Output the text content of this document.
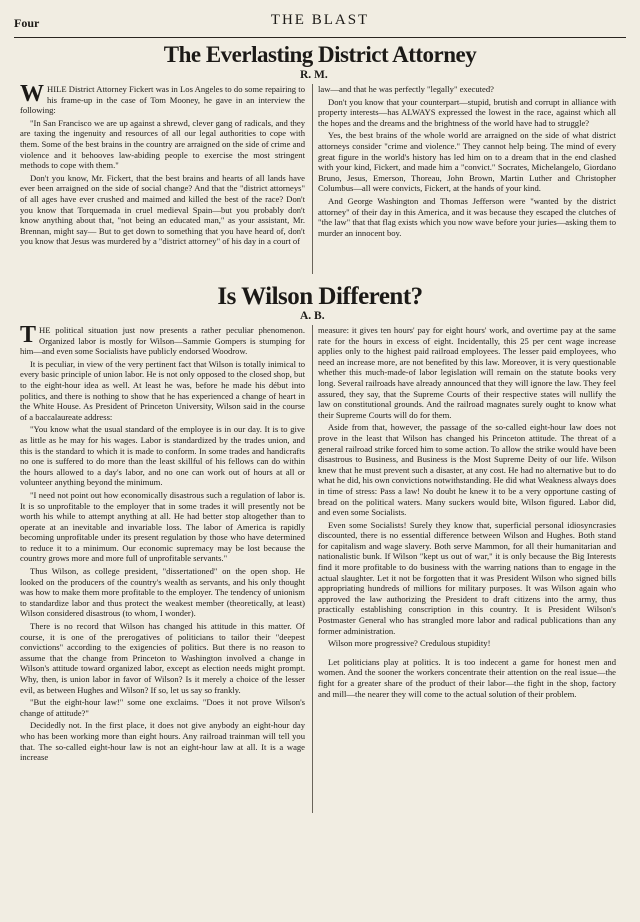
Four	THE BLAST
The Everlasting District Attorney
R. M.

WHILE District Attorney Fickert was in Los Angeles to do some repairing to his frame-up in the case of Tom Mooney, he gave in an interview the following:

"In San Francisco we are up against a shrewd, clever gang of radicals, and they are taxing the ingenuity and resources of all our legal authorities to cope with them. Some of the best brains in the country are arraigned on the side of crime and violence and it behooves law-abiding people to exercise the most stringent methods to cope with them."

Don't you know, Mr. Fickert, that the best brains and hearts of all lands have ever been arraigned on the side of social change? And that the "district attorneys" of all ages have ever crushed and maimed and killed the best of the race? Don't you know that Torquemada in cruel medieval Spain—but you probably don't know anything about that, "not being an educated man," as your assistant, Mr. Brennan, might say— But to get down to something that you have heard of, don't you know that Jesus was murdered by a "district attorney" of his day in a court of

law—and that he was perfectly "legally" executed?

Don't you know that your counterpart—stupid, brutish and corrupt in alliance with property interests—has ALWAYS expressed the lowest in the race, against which all the hopes and the dreams and the brightness of the world have had to struggle?

Yes, the best brains of the whole world are arraigned on the side of what district attorneys consider "crime and violence." They cannot help being. The mind of every great figure in the world's history has led him on to a dream that in the end clashed with your kind, Fickert, and made him a "convict." Socrates, Michelangelo, Giordano Bruno, Jesus, Emerson, Thoreau, John Brown, Martin Luther and Christopher Columbus—all were convicts, Fickert, at the hands of your kind.

And George Washington and Thomas Jefferson were "wanted by the district attorney" of their day in this America, and it was because they escaped the clutches of "the law" that that flag exists which you now wave before your juries—asking them to murder an innocent boy.

Is Wilson Different?
A. B.

THE political situation just now presents a rather peculiar phenomenon. Organized labor is mostly for Wilson—Sammie Gompers is stumping for him—and even some Socialists have publicly endorsed Woodrow.

It is peculiar, in view of the very pertinent fact that Wilson is totally inimical to every basic principle of union labor. He is not only opposed to the closed shop, but to the eight-hour idea as well. At least he was, before he made his début into politics, and there is nothing to show that he has experienced a change of heart in the White House. As President of Princeton University, Wilson said in the course of a baccalaureate address:

"You know what the usual standard of the employee is in our day. It is to give as little as he may for his wages. Labor is standardized by the trades union, and this is the standard to which it is made to conform. In some trades and handicrafts no one is suffered to do more than the least skillful of his fellows can do within the hours allowed to a day's labor, and no one can work out of hours at all or volunteer anything beyond the minimum.

"I need not point out how economically disastrous such a regulation of labor is. It is so unprofitable to the employer that in some trades it will presently not be worth his while to attempt anything at all. He had better stop altogether than to operate at an inevitable and invariable loss. The labor of America is rapidly becoming unprofitable under its present regulation by those who have determined to reduce it to a minimum. Our economic supremacy may be lost because the country grows more and more full of unprofitable servants."

Thus Wilson, as college president, "dissertationed" on the open shop. He looked on the producers of the country's wealth as servants, and his only thought was how to make them more profitable to the employer. The tendency of unionism to standardize labor and thus protect the weakest member (theoretically, at least) Wilson considered disastrous (to whom, I wonder).

There is no record that Wilson has changed his attitude in this matter. Of course, it is one of the prerogatives of politicians to tailor their "deepest convictions" according to the exigencies of politics. But there is no reason to assume that the change from Princeton to Washington involved a change in Wilson's attitude toward organized labor, except as election needs might prompt. Why, then, is union labor in favor of Wilson? Is it merely a choice of the lesser evil, as between Hughes and Wilson? If so, let us say so frankly.

"But the eight-hour law!" some one exclaims. "Does it not prove Wilson's change of attitude?"

Decidedly not. In the first place, it does not give anybody an eight-hour day who has been working more than eight hours. Any railroad trainman will tell you that. The so-called eight-hour law is not an eight-hour law at all. It is a wage increase

measure: it gives ten hours' pay for eight hours' work, and overtime pay at the same rate for the hours in excess of eight. Incidentally, this 25 per cent wage increase applies only to the highest paid railroad employees. The lesser paid employees, who need an increase more, are not benefited by this law. Moreover, it is very questionable whether this much-made-of labor legislation will remain on the statute books very long. Several railroads have already announced that they will ignore the law. They feel assured, they say, that the Supreme Courts of their respective states will nullify the law on constitutional grounds. And the railroad magnates surely ought to know what their Supreme Courts will do for them.

Aside from that, however, the passage of the so-called eight-hour law does not prove in the least that Wilson has changed his Princeton attitude. The threat of a general railroad strike forced him to some action. To allow the strike would have been disastrous to Business, and Business is the Most Supreme Deity of our life. Wilson knew that he must prevent such a disaster, at any cost. He had no alternative but to do what he did, his own convictions notwithstanding. He did what Weakness always does in time of stress: Pass a law! No doubt he knew it to be a very opportune casting of bread on the political waters. Many suckers would bite, Wilson figured. Labor did, and even some Socialists.

Even some Socialists! Surely they know that, superficial personal idiosyncrasies discounted, there is no essential difference between Wilson and Hughes. Both stand for capitalism and wage slavery. Both serve Mammon, for all their humanitarian and nationalistic bunk. If Wilson "kept us out of war," it is only because the Big Interests find it more profitable to do business with the warring nations than to engage in the actual slaughter. Let it not be forgotten that it was President Wilson who signed bills appropriating hundreds of millions for military purposes. It was Wilson again who approved the law authorizing the President to draft citizens into the army, thus practically establishing conscription in this country. It is President Wilson's Postmaster General who has strangled more labor and radical publications than any former administration.

Wilson more progressive? Credulous stupidity!

Let politicians play at politics. It is too indecent a game for honest men and women. And the sooner the workers concentrate their attention on the real issue—the fight for a greater share of the product of their labor—the fight in the shop, factory and mill—the nearer they will come to the actual solution of their problem.
